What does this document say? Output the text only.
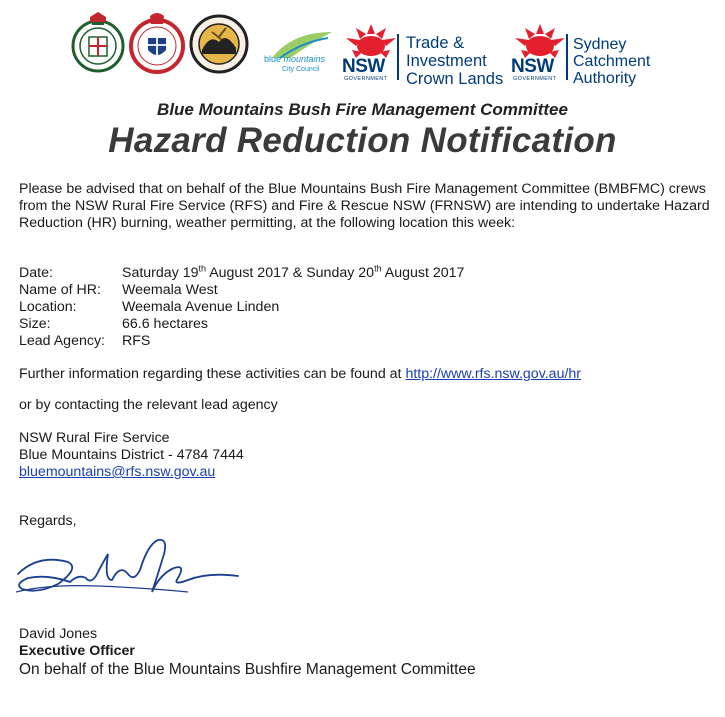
blue mountains
City Council NSW
GOVERNMENT
Trade &
Investment
Crown Lands
NSW
GOVERNMENT
Sydney
Catchment
Authority
Blue Mountains Bush Fire Management Committee
Hazard Reduction Notification
Please be advised that on behalf of the Blue Mountains Bush Fire Management Committee (BMBFMC) crews from the NSW Rural Fire Service (RFS) and Fire & Rescue NSW (FRNSW) are intending to undertake Hazard Reduction (HR) burning, weather permitting, at the following location this week:
Date:	Saturday 19th August 2017 & Sunday 20th August 2017
Name of HR:	Weemala West
Location:	Weemala Avenue Linden
Size:	66.6 hectares
Lead Agency:	RFS
Further information regarding these activities can be found at http://www.rfs.nsw.gov.au/hr
or by contacting the relevant lead agency
NSW Rural Fire Service
Blue Mountains District - 4784 7444
bluemountains@rfs.nsw.gov.au
Regards,
David Jones
Executive Officer
On behalf of the Blue Mountains Bushfire Management Committee
